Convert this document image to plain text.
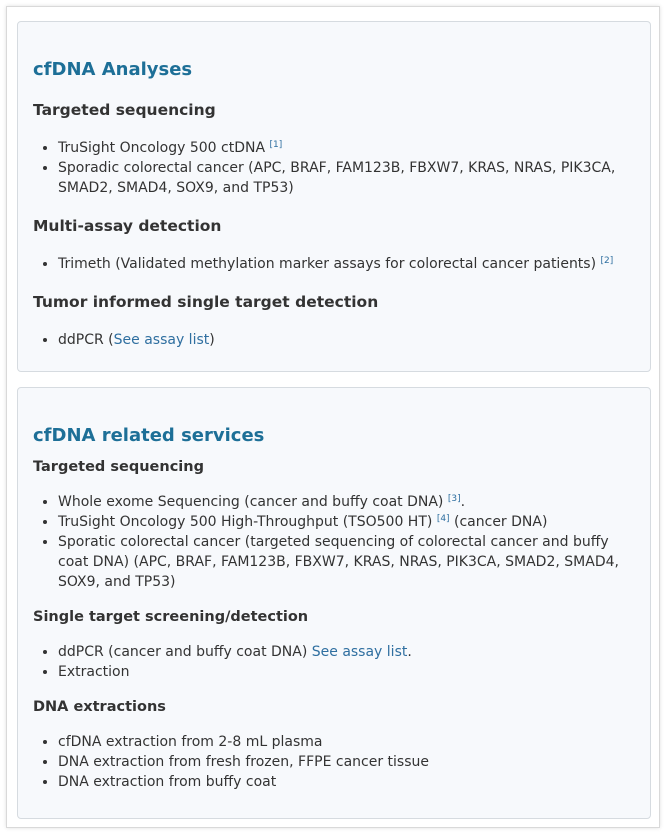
cfDNA Analyses
Targeted sequencing
• TruSight Oncology 500 ctDNA [1]
• Sporadic colorectal cancer (APC, BRAF, FAM123B, FBXW7, KRAS, NRAS, PIK3CA, SMAD2, SMAD4, SOX9, and TP53)
Multi-assay detection
• Trimeth (Validated methylation marker assays for colorectal cancer patients) [2]
Tumor informed single target detection
• ddPCR (See assay list)
cfDNA related services
Targeted sequencing
• Whole exome Sequencing (cancer and buffy coat DNA) [3].
• TruSight Oncology 500 High-Throughput (TSO500 HT) [4] (cancer DNA)
• Sporatic colorectal cancer (targeted sequencing of colorectal cancer and buffy coat DNA) (APC, BRAF, FAM123B, FBXW7, KRAS, NRAS, PIK3CA, SMAD2, SMAD4, SOX9, and TP53)
Single target screening/detection
• ddPCR (cancer and buffy coat DNA) See assay list.
• Extraction
DNA extractions
• cfDNA extraction from 2-8 mL plasma
• DNA extraction from fresh frozen, FFPE cancer tissue
• DNA extraction from buffy coat
